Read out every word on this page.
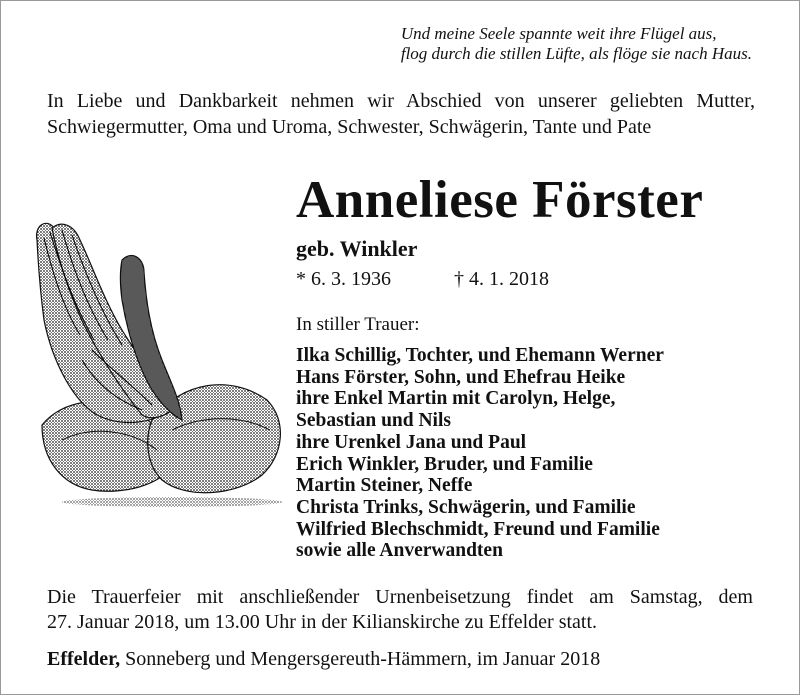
Und meine Seele spannte weit ihre Flügel aus,
flog durch die stillen Lüfte, als flöge sie nach Haus.
In Liebe und Dankbarkeit nehmen wir Abschied von unserer geliebten Mutter,
Schwiegermutter, Oma und Uroma, Schwester, Schwägerin, Tante und Pate
Anneliese Förster
geb. Winkler
* 6. 3. 1936	† 4. 1. 2018
In stiller Trauer:
Ilka Schillig, Tochter, und Ehemann Werner
Hans Förster, Sohn, und Ehefrau Heike
ihre Enkel Martin mit Carolyn, Helge,
Sebastian und Nils
ihre Urenkel Jana und Paul
Erich Winkler, Bruder, und Familie
Martin Steiner, Neffe
Christa Trinks, Schwägerin, und Familie
Wilfried Blechschmidt, Freund und Familie
sowie alle Anverwandten
Die Trauerfeier mit anschließender Urnenbeisetzung findet am Samstag, dem
27. Januar 2018, um 13.00 Uhr in der Kilianskirche zu Effelder statt.
Effelder, Sonneberg und Mengersgereuth-Hämmern, im Januar 2018
